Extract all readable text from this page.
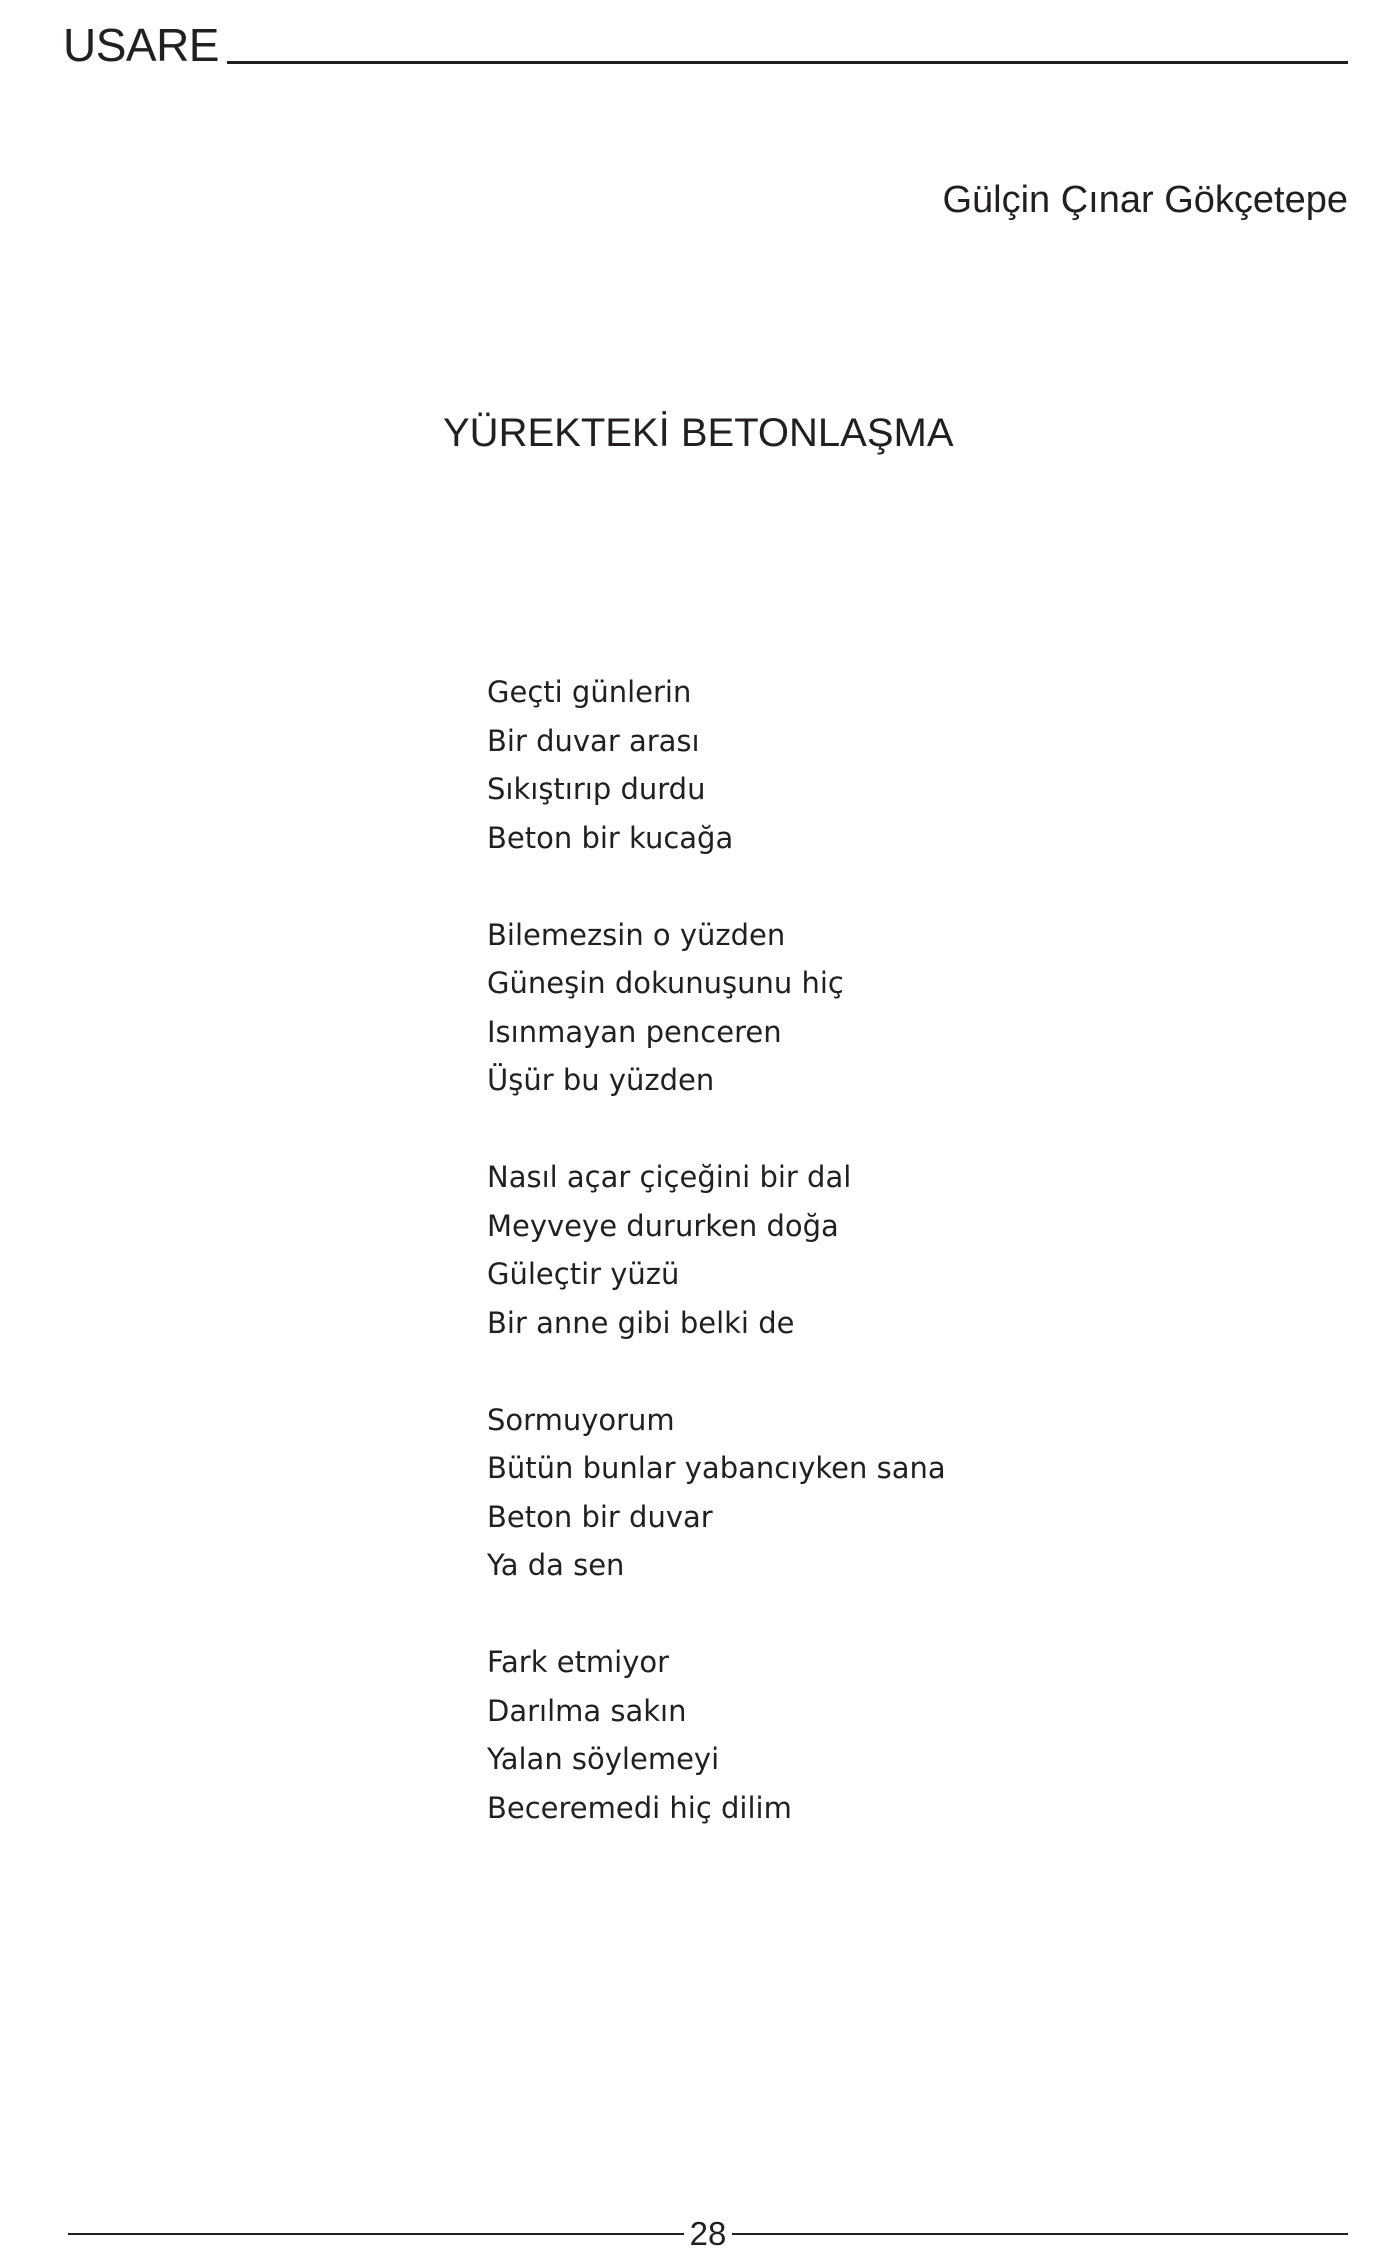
USARE
Gülçin Çınar Gökçetepe
YÜREKTEKİ BETONLAŞMA
Geçti günlerin
Bir duvar arası
Sıkıştırıp durdu
Beton bir kucağa
Bilemezsin o yüzden
Güneşin dokunuşunu hiç
Isınmayan penceren
Üşür bu yüzden
Nasıl açar çiçeğini bir dal
Meyveye dururken doğa
Güleçtir yüzü
Bir anne gibi belki de
Sormuyorum
Bütün bunlar yabancıyken sana
Beton bir duvar
Ya da sen
Fark etmiyor
Darılma sakın
Yalan söylemeyi
Beceremedi hiç dilim
28
